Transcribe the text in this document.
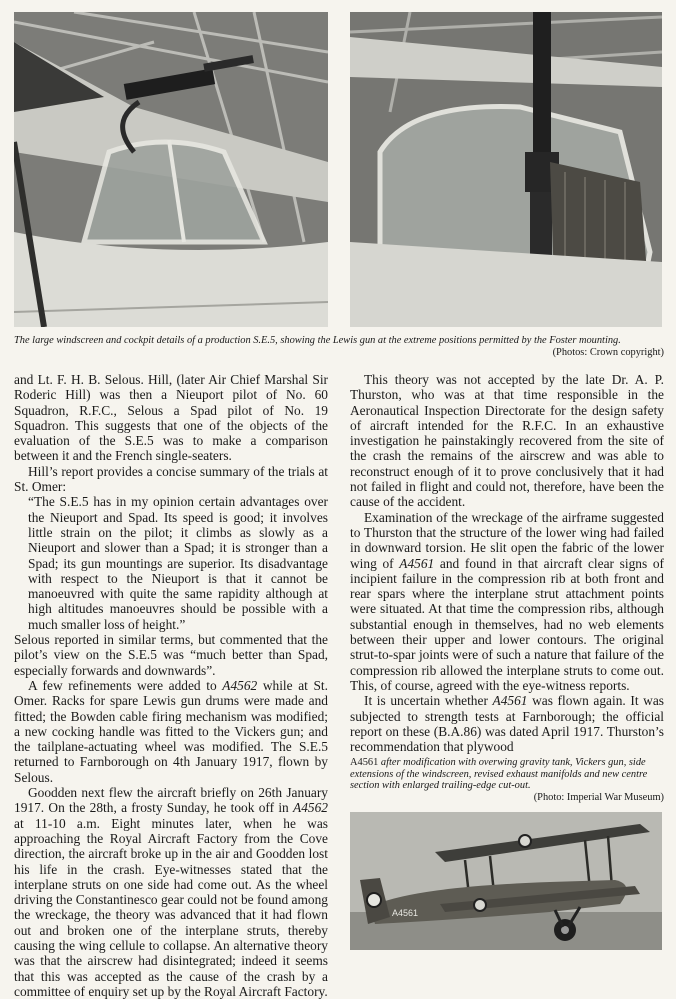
The large windscreen and cockpit details of a production S.E.5, showing the Lewis gun at the extreme positions permitted by the Foster mounting.
(Photos: Crown copyright)

and Lt. F. H. B. Selous. Hill, (later Air Chief Marshal Sir Roderic Hill) was then a Nieuport pilot of No. 60 Squadron, R.F.C., Selous a Spad pilot of No. 19 Squadron. This suggests that one of the objects of the evaluation of the S.E.5 was to make a comparison between it and the French single-seaters.

Hill’s report provides a concise summary of the trials at St. Omer:

“The S.E.5 has in my opinion certain advantages over the Nieuport and Spad. Its speed is good; it involves little strain on the pilot; it climbs as slowly as a Nieuport and slower than a Spad; it is stronger than a Spad; its gun mountings are superior. Its disadvantage with respect to the Nieuport is that it cannot be manoeuvred with quite the same rapidity although at high altitudes manoeuvres should be possible with a much smaller loss of height.”

Selous reported in similar terms, but commented that the pilot’s view on the S.E.5 was “much better than Spad, especially forwards and downwards”.

A few refinements were added to A4562 while at St. Omer. Racks for spare Lewis gun drums were made and fitted; the Bowden cable firing mechanism was modified; a new cocking handle was fitted to the Vickers gun; and the tailplane-actuating wheel was modified. The S.E.5 returned to Farnborough on 4th January 1917, flown by Selous.

Goodden next flew the aircraft briefly on 26th January 1917. On the 28th, a frosty Sunday, he took off in A4562 at 11-10 a.m. Eight minutes later, when he was approaching the Royal Aircraft Factory from the Cove direction, the aircraft broke up in the air and Goodden lost his life in the crash. Eye-witnesses stated that the interplane struts on one side had come out. As the wheel driving the Constantinesco gear could not be found among the wreckage, the theory was advanced that it had flown out and broken one of the interplane struts, thereby causing the wing cellule to collapse. An alternative theory was that the airscrew had disintegrated; indeed it seems that this was accepted as the cause of the crash by a committee of enquiry set up by the Royal Aircraft Factory.

This theory was not accepted by the late Dr. A. P. Thurston, who was at that time responsible in the Aeronautical Inspection Directorate for the design safety of aircraft intended for the R.F.C. In an exhaustive investigation he painstakingly recovered from the site of the crash the remains of the airscrew and was able to reconstruct enough of it to prove conclusively that it had not failed in flight and could not, therefore, have been the cause of the accident.

Examination of the wreckage of the airframe suggested to Thurston that the structure of the lower wing had failed in downward torsion. He slit open the fabric of the lower wing of A4561 and found in that aircraft clear signs of incipient failure in the compression rib at both front and rear spars where the interplane strut attachment points were situated. At that time the compression ribs, although substantial enough in themselves, had no web elements between their upper and lower contours. The original strut-to-spar joints were of such a nature that failure of the compression rib allowed the interplane struts to come out. This, of course, agreed with the eye-witness reports.

It is uncertain whether A4561 was flown again. It was subjected to strength tests at Farnborough; the official report on these (B.A.86) was dated April 1917. Thurston’s recommendation that plywood

A4561 after modification with overwing gravity tank, Vickers gun, side extensions of the windscreen, revised exhaust manifolds and new centre section with enlarged trailing-edge cut-out.
(Photo: Imperial War Museum)
A4561
